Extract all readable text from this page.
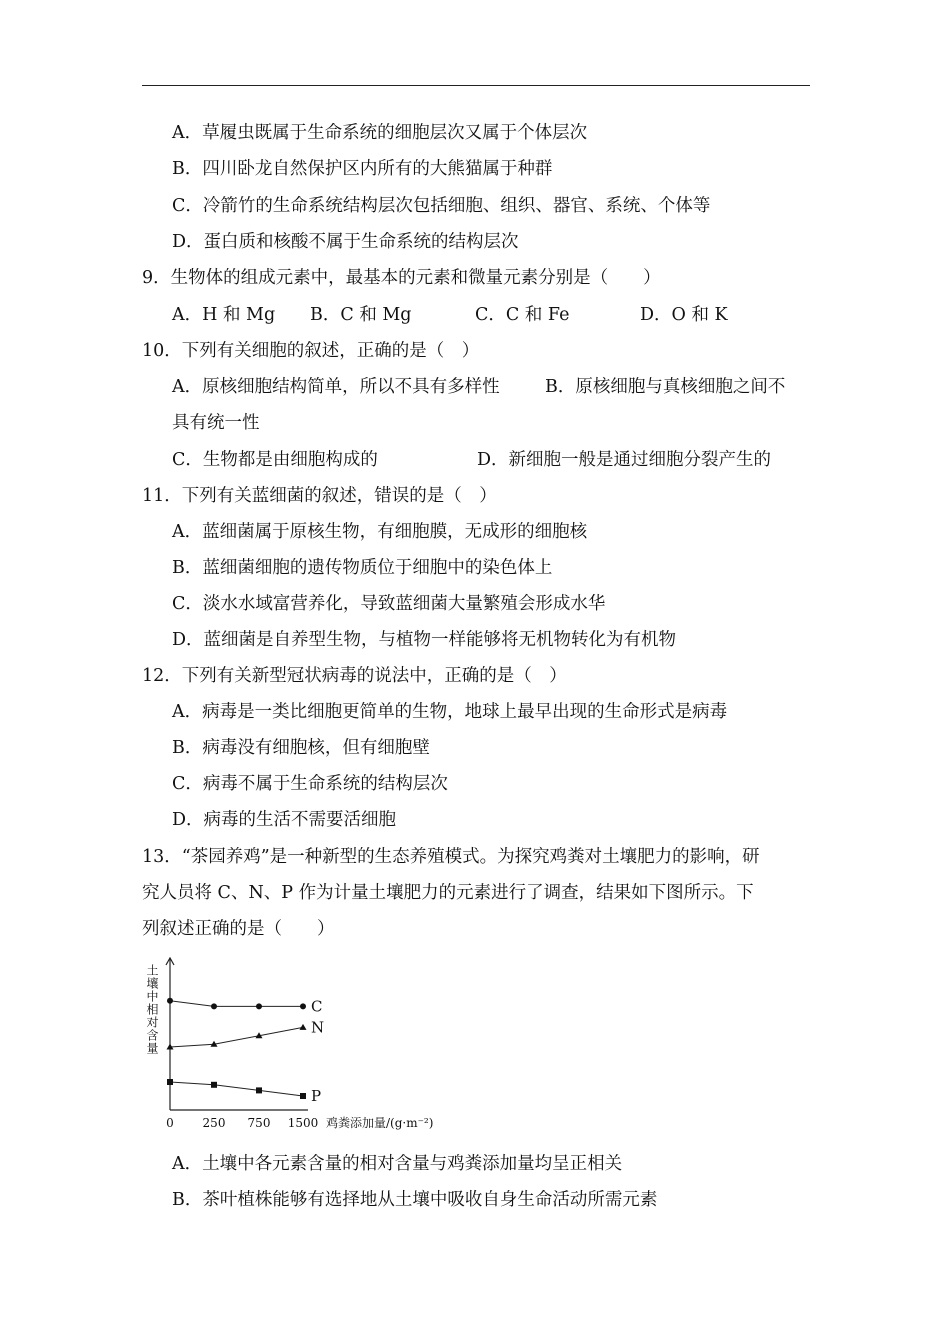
A．草履虫既属于生命系统的细胞层次又属于个体层次
B．四川卧龙自然保护区内所有的大熊猫属于种群
C．冷箭竹的生命系统结构层次包括细胞、组织、器官、系统、个体等
D．蛋白质和核酸不属于生命系统的结构层次
9．生物体的组成元素中，最基本的元素和微量元素分别是（　　）
A．H 和 Mg B．C 和 Mg	C．C 和 Fe	D．O 和 K
10．下列有关细胞的叙述，正确的是（　）
A．原核细胞结构简单，所以不具有多样性	B．原核细胞与真核细胞之间不
具有统一性
C．生物都是由细胞构成的	D．新细胞一般是通过细胞分裂产生的
11．下列有关蓝细菌的叙述，错误的是（　）
A．蓝细菌属于原核生物，有细胞膜，无成形的细胞核
B．蓝细菌细胞的遗传物质位于细胞中的染色体上
C．淡水水域富营养化，导致蓝细菌大量繁殖会形成水华
D．蓝细菌是自养型生物，与植物一样能够将无机物转化为有机物
12．下列有关新型冠状病毒的说法中，正确的是（　）
A．病毒是一类比细胞更简单的生物，地球上最早出现的生命形式是病毒
B．病毒没有细胞核，但有细胞壁
C．病毒不属于生命系统的结构层次
D．病毒的生活不需要活细胞
13．“茶园养鸡”是一种新型的生态养殖模式。为探究鸡粪对土壤肥力的影响，研
究人员将 C、N、P 作为计量土壤肥力的元素进行了调查，结果如下图所示。下
列叙述正确的是（　　）
0 250 750 1500 鸡粪添加量/(g·m⁻²)
土壤中相对含量	C
N
P
A．土壤中各元素含量的相对含量与鸡粪添加量均呈正相关
B．茶叶植株能够有选择地从土壤中吸收自身生命活动所需元素
